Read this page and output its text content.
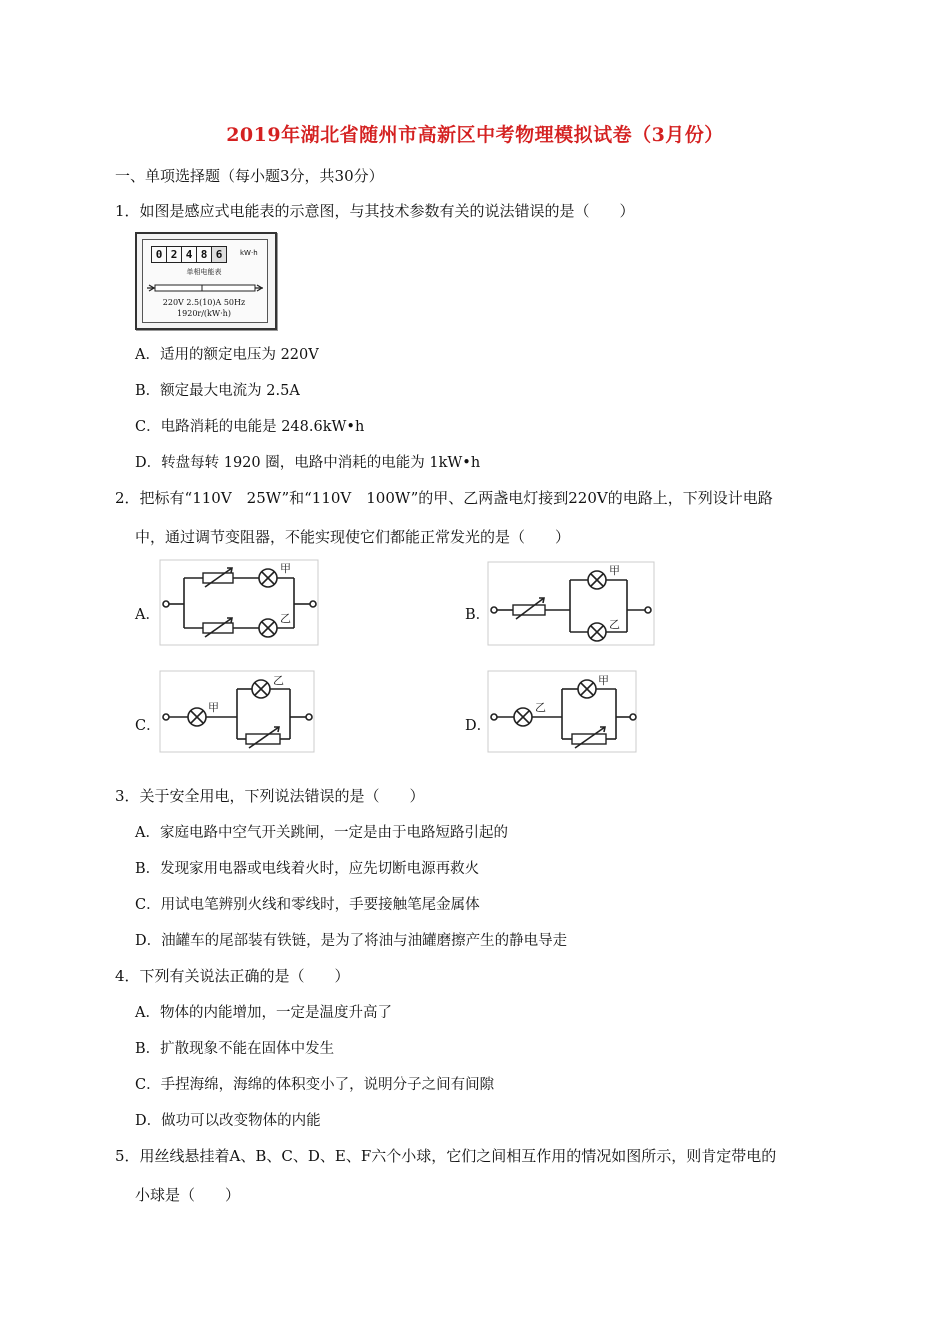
2019年湖北省随州市高新区中考物理模拟试卷（3月份）
一、单项选择题（每小题3分，共30分）
1．如图是感应式电能表的示意图，与其技术参数有关的说法错误的是（　　）
0 2 4 8 6	kW·h
单相电能表
220V 2.5(10)A 50Hz
1920r/(kW·h)
A．适用的额定电压为 220V
B．额定最大电流为 2.5A
C．电路消耗的电能是 248.6kW•h
D．转盘每转 1920 圈，电路中消耗的电能为 1kW•h
2．把标有“110V　25W”和“110V　100W”的甲、乙两盏电灯接到220V的电路上，下列设计电路
中，通过调节变阻器，不能实现使它们都能正常发光的是（　　）
A．
甲
乙	B．
甲
乙
C．
甲
乙
D．
乙
甲
3．关于安全用电，下列说法错误的是（　　）
A．家庭电路中空气开关跳闸，一定是由于电路短路引起的
B．发现家用电器或电线着火时，应先切断电源再救火
C．用试电笔辨别火线和零线时，手要接触笔尾金属体
D．油罐车的尾部装有铁链，是为了将油与油罐磨擦产生的静电导走
4．下列有关说法正确的是（　　）
A．物体的内能增加，一定是温度升高了
B．扩散现象不能在固体中发生
C．手捏海绵，海绵的体积变小了，说明分子之间有间隙
D．做功可以改变物体的内能
5．用丝线悬挂着A、B、C、D、E、F六个小球，它们之间相互作用的情况如图所示，则肯定带电的
小球是（　　）
